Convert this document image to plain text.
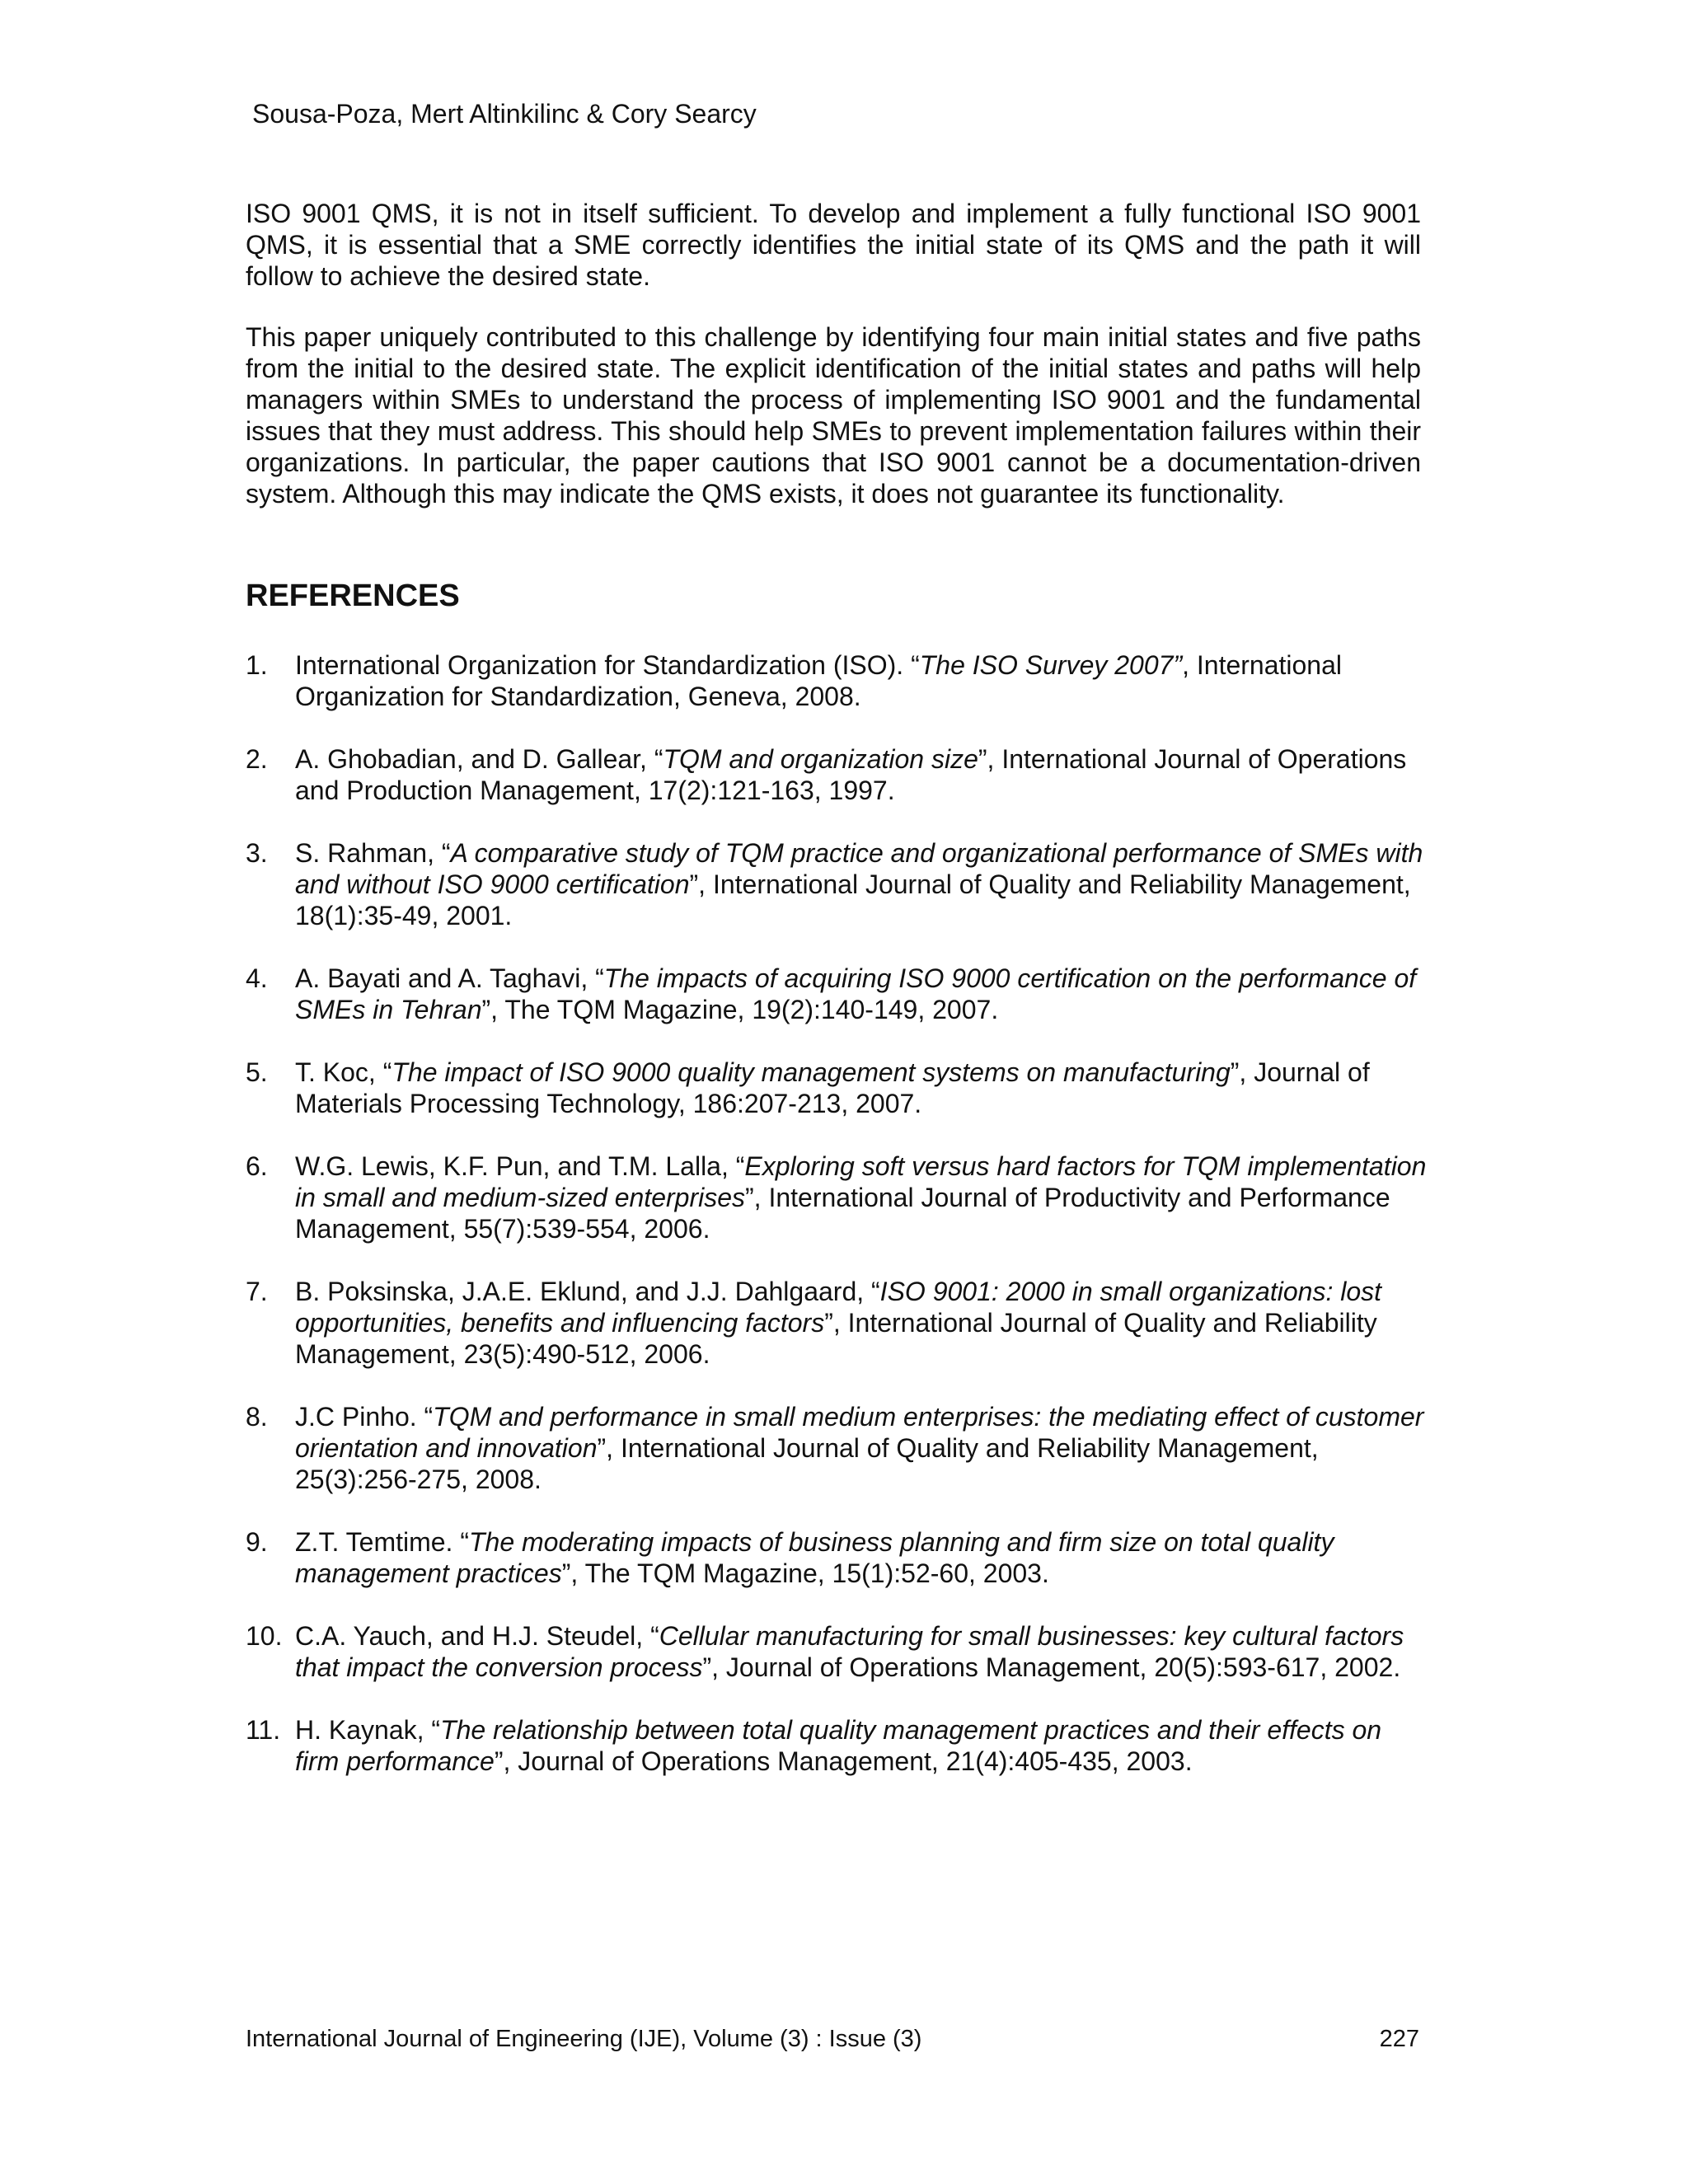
Sousa-Poza, Mert Altinkilinc & Cory Searcy

ISO 9001 QMS, it is not in itself sufficient. To develop and implement a fully functional ISO 9001 QMS, it is essential that a SME correctly identifies the initial state of its QMS and the path it will follow to achieve the desired state.

This paper uniquely contributed to this challenge by identifying four main initial states and five paths from the initial to the desired state. The explicit identification of the initial states and paths will help managers within SMEs to understand the process of implementing ISO 9001 and the fundamental issues that they must address. This should help SMEs to prevent implementation failures within their organizations. In particular, the paper cautions that ISO 9001 cannot be a documentation-driven system. Although this may indicate the QMS exists, it does not guarantee its functionality.

REFERENCES
1. International Organization for Standardization (ISO). “The ISO Survey 2007”, International Organization for Standardization, Geneva, 2008.
2. A. Ghobadian, and D. Gallear, “TQM and organization size”, International Journal of Operations and Production Management, 17(2):121-163, 1997.
3. S. Rahman, “A comparative study of TQM practice and organizational performance of SMEs with and without ISO 9000 certification”, International Journal of Quality and Reliability Management, 18(1):35-49, 2001.
4. A. Bayati and A. Taghavi, “The impacts of acquiring ISO 9000 certification on the performance of SMEs in Tehran”, The TQM Magazine, 19(2):140-149, 2007.
5. T. Koc, “The impact of ISO 9000 quality management systems on manufacturing”, Journal of Materials Processing Technology, 186:207-213, 2007.
6. W.G. Lewis, K.F. Pun, and T.M. Lalla, “Exploring soft versus hard factors for TQM implementation in small and medium-sized enterprises”, International Journal of Productivity and Performance Management, 55(7):539-554, 2006.
7. B. Poksinska, J.A.E. Eklund, and J.J. Dahlgaard, “ISO 9001: 2000 in small organizations: lost opportunities, benefits and influencing factors”, International Journal of Quality and Reliability Management, 23(5):490-512, 2006.
8. J.C Pinho. “TQM and performance in small medium enterprises: the mediating effect of customer orientation and innovation”, International Journal of Quality and Reliability Management, 25(3):256-275, 2008.
9. Z.T. Temtime. “The moderating impacts of business planning and firm size on total quality management practices”, The TQM Magazine, 15(1):52-60, 2003.
10. C.A. Yauch, and H.J. Steudel, “Cellular manufacturing for small businesses: key cultural factors that impact the conversion process”, Journal of Operations Management, 20(5):593-617, 2002.
11. H. Kaynak, “The relationship between total quality management practices and their effects on firm performance”, Journal of Operations Management, 21(4):405-435, 2003.
International Journal of Engineering (IJE), Volume (3) : Issue (3)	227
